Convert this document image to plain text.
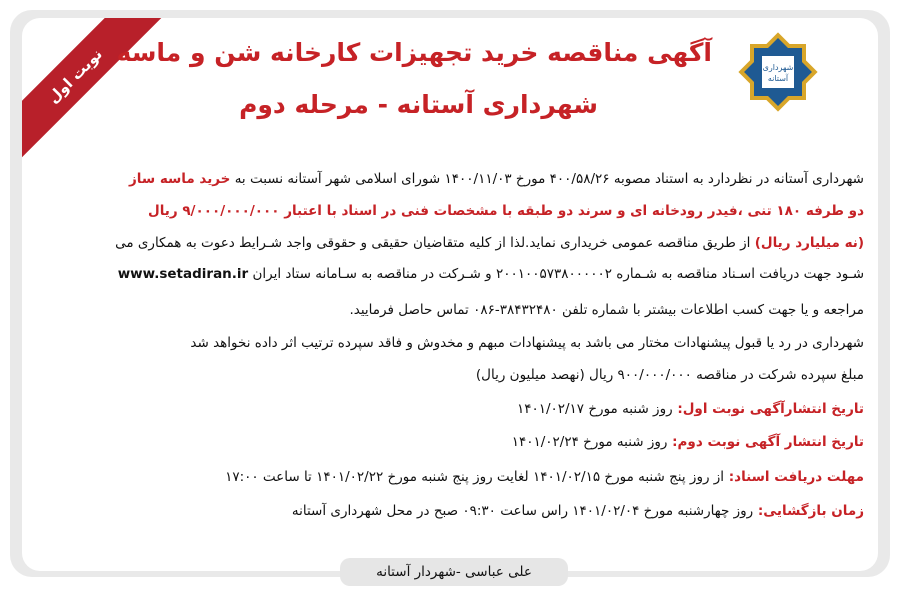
نوبت اول	شهرداری
آستانه
آگهی مناقصه خرید تجهیزات کارخانه شن و ماسه
شهرداری آستانه - مرحله دوم
شهرداری آستانه در نظردارد به استناد مصوبه ۴۰۰/۵۸/۲۶ مورخ ۱۴۰۰/۱۱/۰۳ شورای اسلامی شهر آستانه نسبت به خرید ماسه ساز
دو طرفه ۱۸۰ تنی ،فیدر رودخانه ای و سرند دو طبقه با مشخصات فنی در اسناد با اعتبار ۹/۰۰۰/۰۰۰/۰۰۰ ریال
(نه میلیارد ریال) از طریق مناقصه عمومی خریداری نماید.لذا از کلیه متقاضیان حقیقی و حقوقی واجد شـرایط دعوت به همکاری می
شـود جهت دریافت اسـناد مناقصه به شـماره ۲۰۰۱۰۰۵۷۳۸۰۰۰۰۰۲ و شـرکت در مناقصه به سـامانه ستاد ایران www.setadiran.ir
مراجعه و یا جهت کسب اطلاعات بیشتر با شماره تلفن ۳۸۴۳۲۴۸۰-۰۸۶ تماس حاصل فرمایید.
شهرداری در رد یا قبول پیشنهادات مختار می باشد به پیشنهادات مبهم و مخدوش و فاقد سپرده ترتیب اثر داده نخواهد شد
مبلغ سپرده شرکت در مناقصه ۹۰۰/۰۰۰/۰۰۰ ریال (نهصد میلیون ریال)
تاریخ انتشارآگهی نوبت اول: روز شنبه مورخ ۱۴۰۱/۰۲/۱۷
تاریخ انتشار آگهی نوبت دوم: روز شنبه مورخ ۱۴۰۱/۰۲/۲۴
مهلت دریافت اسناد: از روز پنج شنبه مورخ ۱۴۰۱/۰۲/۱۵ لغایت روز پنج شنبه مورخ ۱۴۰۱/۰۲/۲۲ تا ساعت ۱۷:۰۰
زمان بازگشایی: روز چهارشنبه مورخ ۱۴۰۱/۰۲/۰۴ راس ساعت ۰۹:۳۰ صبح در محل شهرداری آستانه
علی عباسی -شهردار آستانه
